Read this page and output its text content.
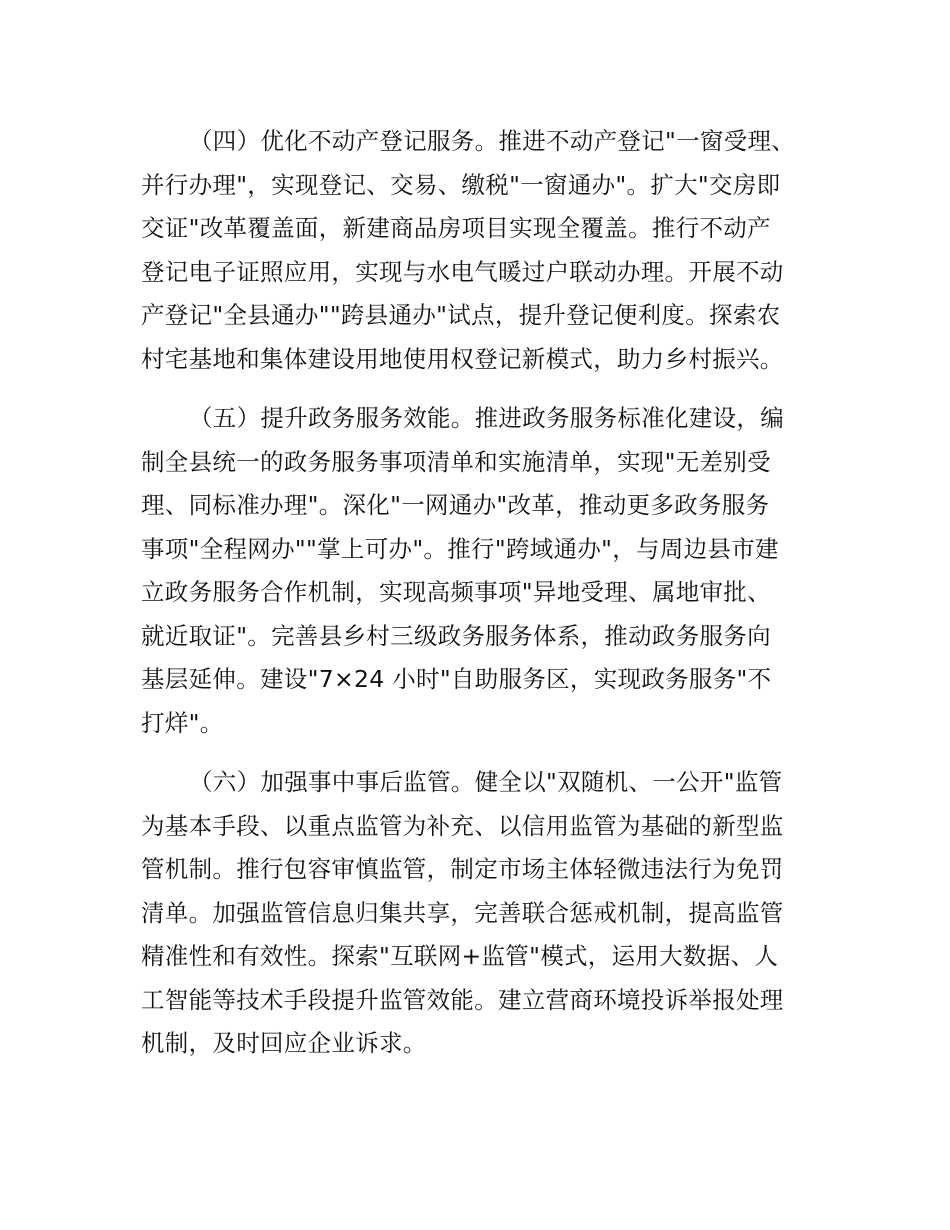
（四）优化不动产登记服务。推进不动产登记"一窗受理、
并行办理"，实现登记、交易、缴税"一窗通办"。扩大"交房即
交证"改革覆盖面，新建商品房项目实现全覆盖。推行不动产
登记电子证照应用，实现与水电气暖过户联动办理。开展不动
产登记"全县通办""跨县通办"试点，提升登记便利度。探索农
村宅基地和集体建设用地使用权登记新模式，助力乡村振兴。
（五）提升政务服务效能。推进政务服务标准化建设，编
制全县统一的政务服务事项清单和实施清单，实现"无差别受
理、同标准办理"。深化"一网通办"改革，推动更多政务服务
事项"全程网办""掌上可办"。推行"跨域通办"，与周边县市建
立政务服务合作机制，实现高频事项"异地受理、属地审批、
就近取证"。完善县乡村三级政务服务体系，推动政务服务向
基层延伸。建设"7×24 小时"自助服务区，实现政务服务"不
打烊"。
（六）加强事中事后监管。健全以"双随机、一公开"监管
为基本手段、以重点监管为补充、以信用监管为基础的新型监
管机制。推行包容审慎监管，制定市场主体轻微违法行为免罚
清单。加强监管信息归集共享，完善联合惩戒机制，提高监管
精准性和有效性。探索"互联网+监管"模式，运用大数据、人
工智能等技术手段提升监管效能。建立营商环境投诉举报处理
机制，及时回应企业诉求。
